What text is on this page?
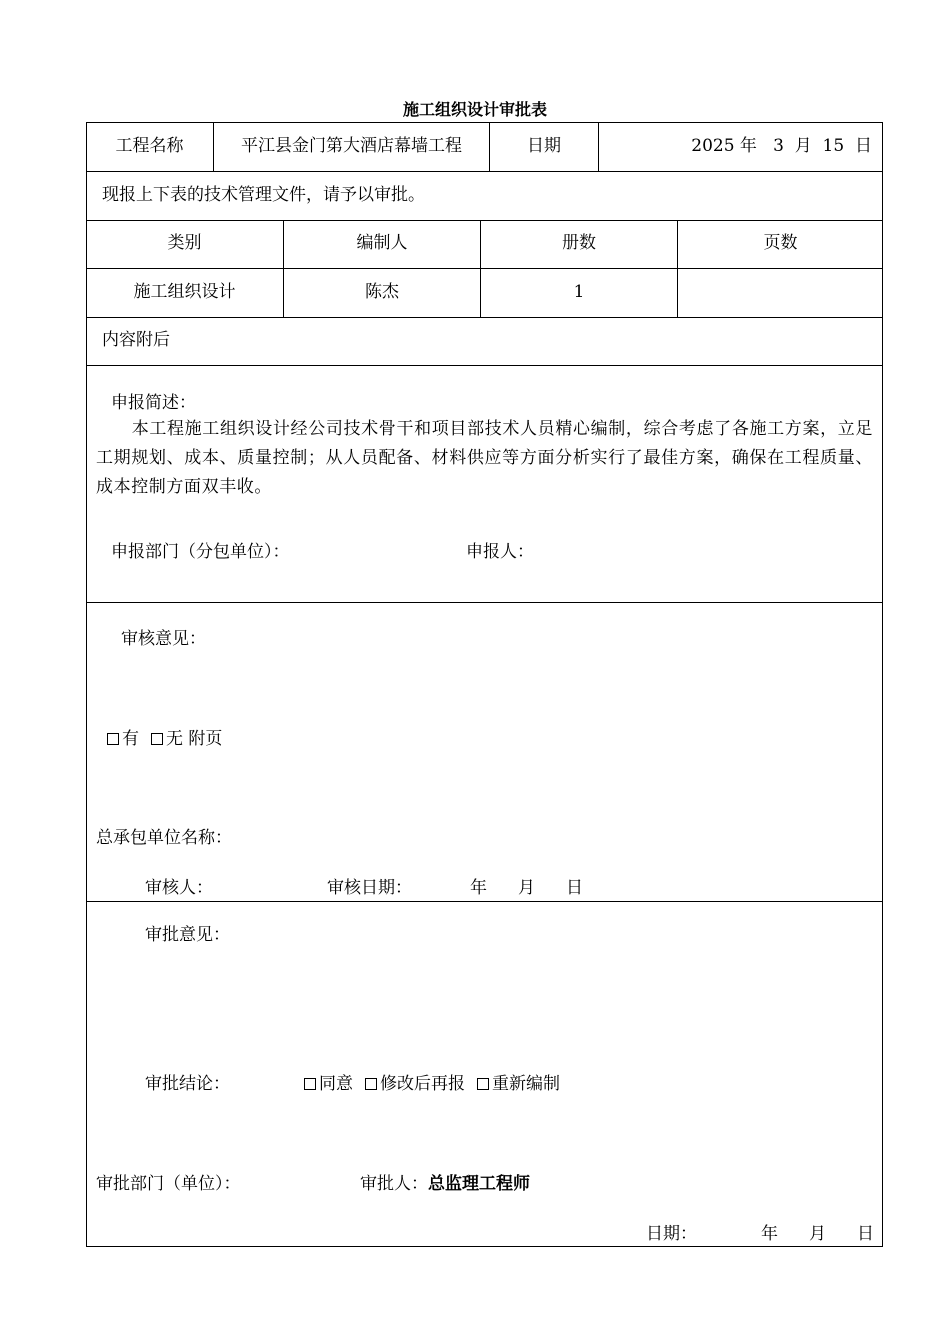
施工组织设计审批表
工程名称	平江县金门第大酒店幕墙工程	日期	2025 年   3  月  15  日
现报上下表的技术管理文件，请予以审批。
类别	编制人	册数	页数
施工组织设计	陈杰	1
内容附后
申报简述：
本工程施工组织设计经公司技术骨干和项目部技术人员精心编制，综合考虑了各施工方案，立足工期规划、成本、质量控制；从人员配备、材料供应等方面分析实行了最佳方案，确保在工程质量、成本控制方面双丰收。
申报部门（分包单位）：	申报人：
审核意见：
有 无 附页
总承包单位名称：
审核人：	审核日期：	年 月 日
审批意见：
审批结论：	同意 修改后再报 重新编制
审批部门（单位）：	审批人：总监理工程师
日期：	年 月 日
